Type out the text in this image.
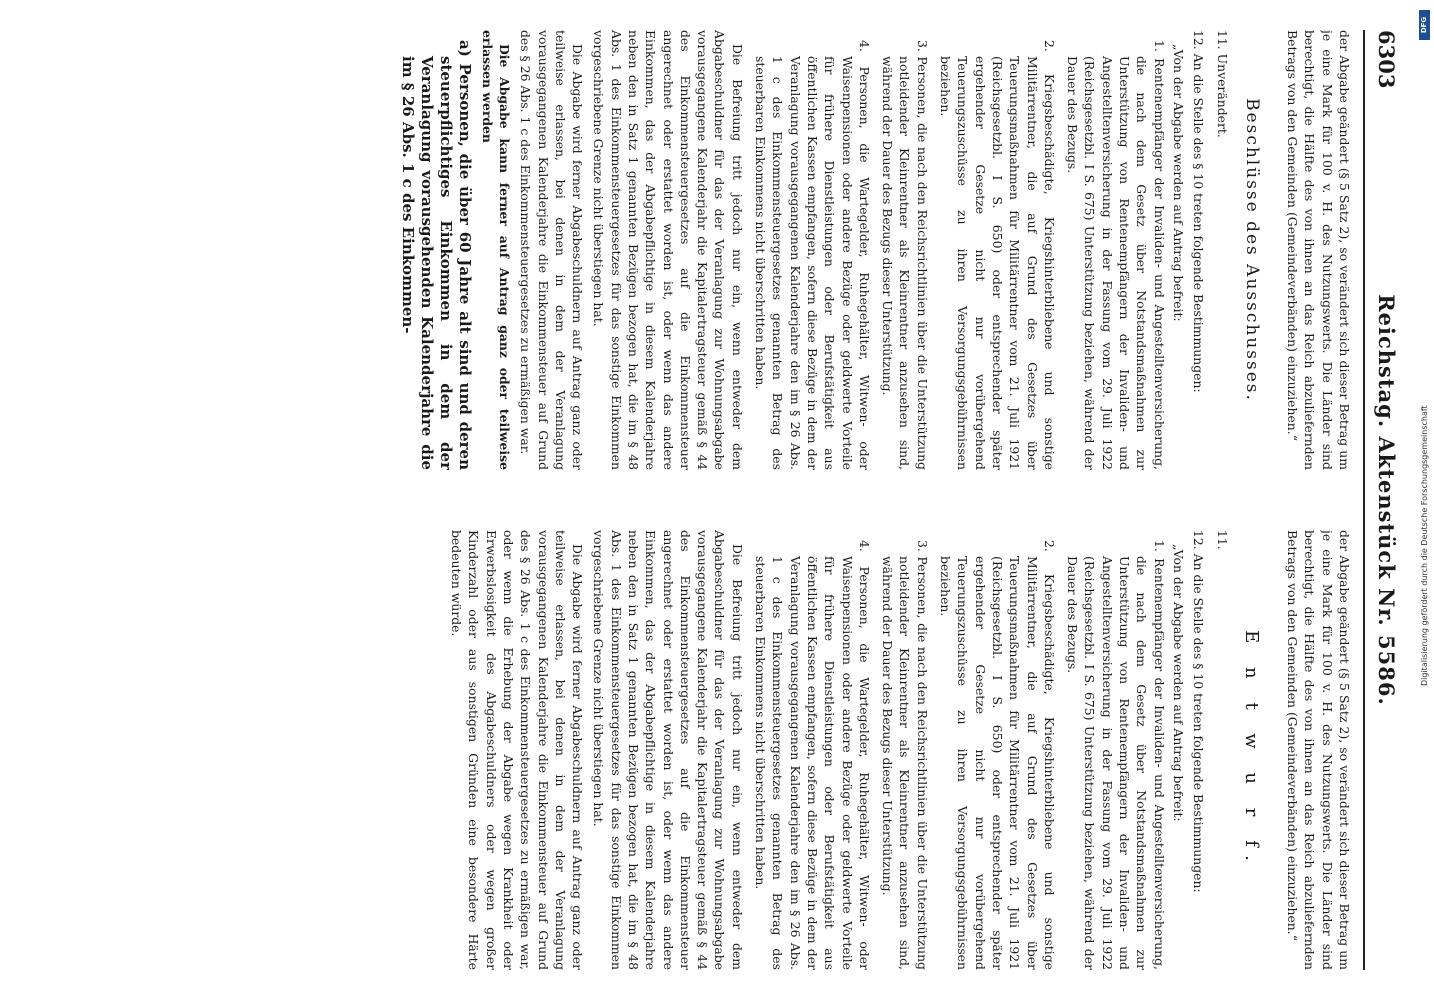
6303
Reichstag. Aktenstück Nr. 5586.

der Abgabe geändert (§ 5 Satz 2), so verändert sich dieser Betrag um je eine Mark für 100 v. H. des Nutzungswerts. Die Länder sind berechtigt, die Hälfte des von ihnen an das Reich abzuliefernden Betrags von den Gemeinden (Gemeindeverbänden) einzuziehen.“

Beschlüsse des Ausschusses.

11. Unverändert.

12. An die Stelle des § 10 treten folgende Bestimmungen:

„Von der Abgabe werden auf Antrag befreit:

1. Rentenempfänger der Invaliden- und Angestelltenversicherung, die nach dem Gesetz über Notstandsmaßnahmen zur Unterstützung von Rentenempfängern der Invaliden- und Angestelltenversicherung in der Fassung vom 29. Juli 1922 (Reichsgesetzbl. I S. 675) Unterstützung beziehen, während der Dauer des Bezugs.

2. Kriegsbeschädigte, Kriegshinterbliebene und sonstige Militärrentner, die auf Grund des Gesetzes über Teuerungsmaßnahmen für Militärrentner vom 21. Juli 1921 (Reichsgesetzbl. I S. 650) oder entsprechender später ergehender Gesetze nicht nur vorübergehend Teuerungszuschüsse zu ihren Versorgungsgebührnissen beziehen.

3. Personen, die nach den Reichsrichtlinien über die Unterstützung notleidender Kleinrentner als Kleinrentner anzusehen sind, während der Dauer des Bezugs dieser Unterstützung.

4. Personen, die Wartegelder, Ruhegehälter, Witwen- oder Waisenpensionen oder andere Bezüge oder geldwerte Vorteile für frühere Dienstleistungen oder Berufstätigkeit aus öffentlichen Kassen empfangen, sofern diese Bezüge in dem der Veranlagung vorausgegangenen Kalenderjahre den im § 26 Abs. 1 c des Einkommensteuergesetzes genannten Betrag des steuerbaren Einkommens nicht überschritten haben.

Die Befreiung tritt jedoch nur ein, wenn entweder dem Abgabeschuldner für das der Veranlagung zur Wohnungsabgabe vorausgegangene Kalenderjahr die Kapitalertragsteuer gemäß § 44 des Einkommensteuergesetzes auf die Einkommensteuer angerechnet oder erstattet worden ist, oder wenn das andere Einkommen, das der Abgabepflichtige in diesem Kalenderjahre neben den in Satz 1 genannten Bezügen bezogen hat, die im § 48 Abs. 1 des Einkommensteuergesetzes für das sonstige Einkommen vorgeschriebene Grenze nicht überstiegen hat.

Die Abgabe wird ferner Abgabeschuldnern auf Antrag ganz oder teilweise erlassen, bei denen in dem der Veranlagung vorausgegangenen Kalenderjahre die Einkommensteuer auf Grund des § 26 Abs. 1 c des Einkommensteuergesetzes zu ermäßigen war.

Die Abgabe kann ferner auf Antrag ganz oder teilweise erlassen werden

a) Personen, die über 60 Jahre alt sind und deren steuerpflichtiges Einkommen in dem der Veranlagung vorausgehenden Kalenderjahre die im § 26 Abs. 1 c des Einkommen-

der Abgabe geändert (§ 5 Satz 2), so verändert sich dieser Betrag um je eine Mark für 100 v. H. des Nutzungswerts. Die Länder sind berechtigt, die Hälfte des von ihnen an das Reich abzuliefernden Betrags von den Gemeinden (Gemeindeverbänden) einzuziehen.“

E n t w u r f.

11.

12. An die Stelle des § 10 treten folgende Bestimmungen:

„Von der Abgabe werden auf Antrag befreit:

1. Rentenempfänger der Invaliden- und Angestelltenversicherung, die nach dem Gesetz über Notstandsmaßnahmen zur Unterstützung von Rentenempfängern der Invaliden- und Angestelltenversicherung in der Fassung vom 29. Juli 1922 (Reichsgesetzbl. I S. 675) Unterstützung beziehen, während der Dauer des Bezugs.

2. Kriegsbeschädigte, Kriegshinterbliebene und sonstige Militärrentner, die auf Grund des Gesetzes über Teuerungsmaßnahmen für Militärrentner vom 21. Juli 1921 (Reichsgesetzbl. I S. 650) oder entsprechender später ergehender Gesetze nicht nur vorübergehend Teuerungszuschüsse zu ihren Versorgungsgebührnissen beziehen.

3. Personen, die nach den Reichsrichtlinien über die Unterstützung notleidender Kleinrentner als Kleinrentner anzusehen sind, während der Dauer des Bezugs dieser Unterstützung.

4. Personen, die Wartegelder, Ruhegehälter, Witwen- oder Waisenpensionen oder andere Bezüge oder geldwerte Vorteile für frühere Dienstleistungen oder Berufstätigkeit aus öffentlichen Kassen empfangen, sofern diese Bezüge in dem der Veranlagung vorausgegangenen Kalenderjahre den im § 26 Abs. 1 c des Einkommensteuergesetzes genannten Betrag des steuerbaren Einkommens nicht überschritten haben.

Die Befreiung tritt jedoch nur ein, wenn entweder dem Abgabeschuldner für das der Veranlagung zur Wohnungsabgabe vorausgegangene Kalenderjahr die Kapitalertragsteuer gemäß § 44 des Einkommensteuergesetzes auf die Einkommensteuer angerechnet oder erstattet worden ist, oder wenn das andere Einkommen, das der Abgabepflichtige in diesem Kalenderjahre neben den in Satz 1 genannten Bezügen bezogen hat, die im § 48 Abs. 1 des Einkommensteuergesetzes für das sonstige Einkommen vorgeschriebene Grenze nicht überstiegen hat.

Die Abgabe wird ferner Abgabeschuldnern auf Antrag ganz oder teilweise erlassen, bei denen in dem der Veranlagung vorausgegangenen Kalenderjahre die Einkommensteuer auf Grund des § 26 Abs. 1 c des Einkommensteuergesetzes zu ermäßigen war, oder wenn die Erhebung der Abgabe wegen Krankheit oder Erwerbslosigkeit des Abgabeschuldners oder wegen großer Kinderzahl oder aus sonstigen Gründen eine besondere Härte bedeuten würde.

DFG
Digitalisierung gefördert durch die Deutsche Forschungsgemeinschaft
